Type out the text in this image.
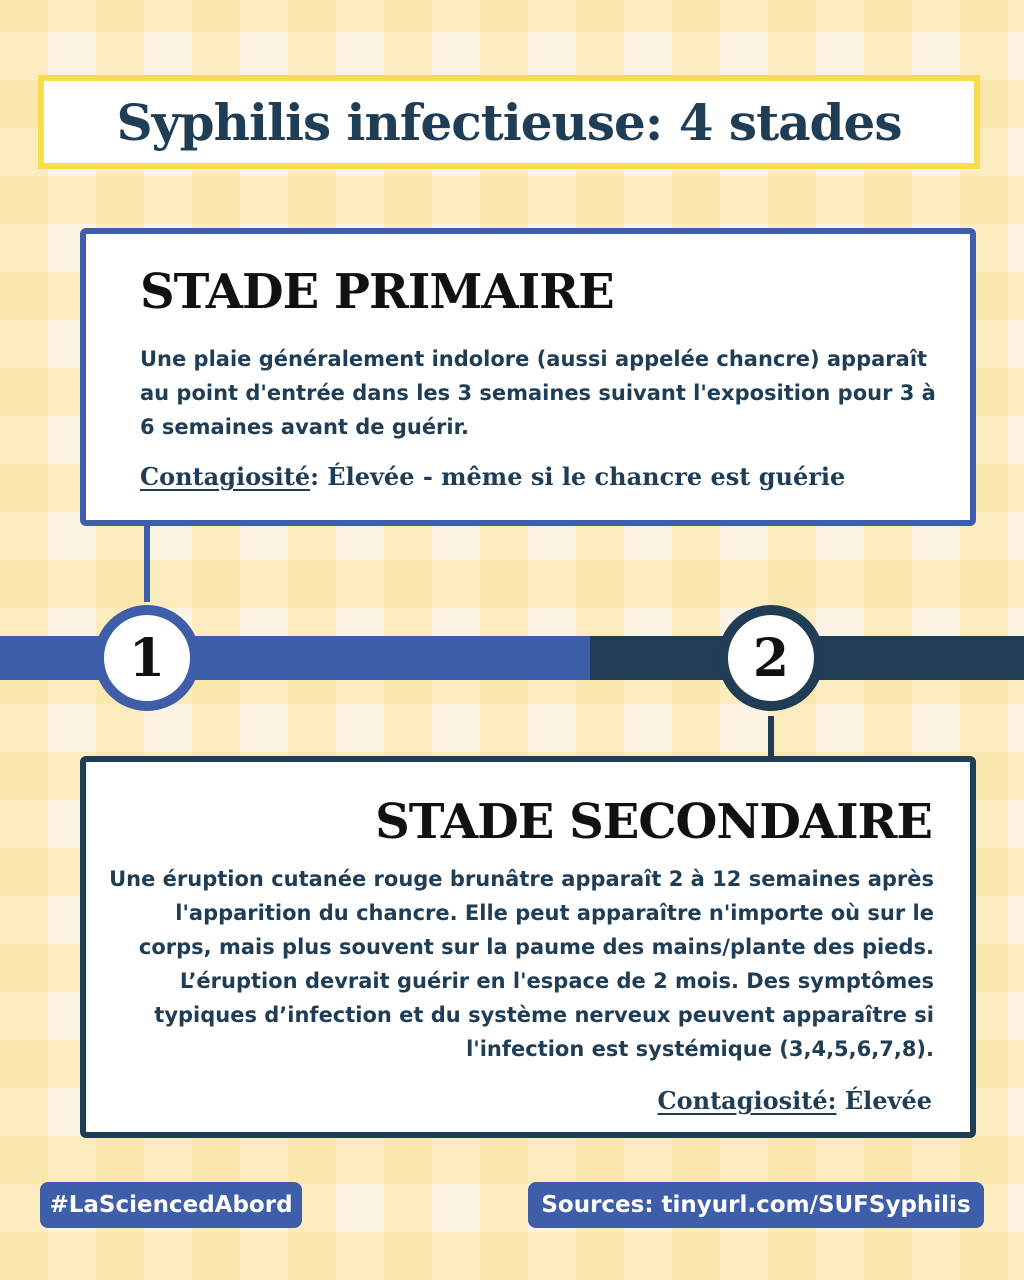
Syphilis infectieuse: 4 stades
STADE PRIMAIRE

Une plaie généralement indolore (aussi appelée chancre) apparaît au point d'entrée dans les 3 semaines suivant l'exposition pour 3 à 6 semaines avant de guérir.

Contagiosité: Élevée - même si le chancre est guérie
1	2
STADE SECONDAIRE

Une éruption cutanée rouge brunâtre apparaît 2 à 12 semaines après l'apparition du chancre. Elle peut apparaître n'importe où sur le corps, mais plus souvent sur la paume des mains/plante des pieds. L’éruption devrait guérir en l'espace de 2 mois. Des symptômes typiques d’infection et du système nerveux peuvent apparaître si l'infection est systémique (3,4,5,6,7,8).

Contagiosité: Élevée
#LaSciencedAbord	Sources: tinyurl.com/SUFSyphilis
